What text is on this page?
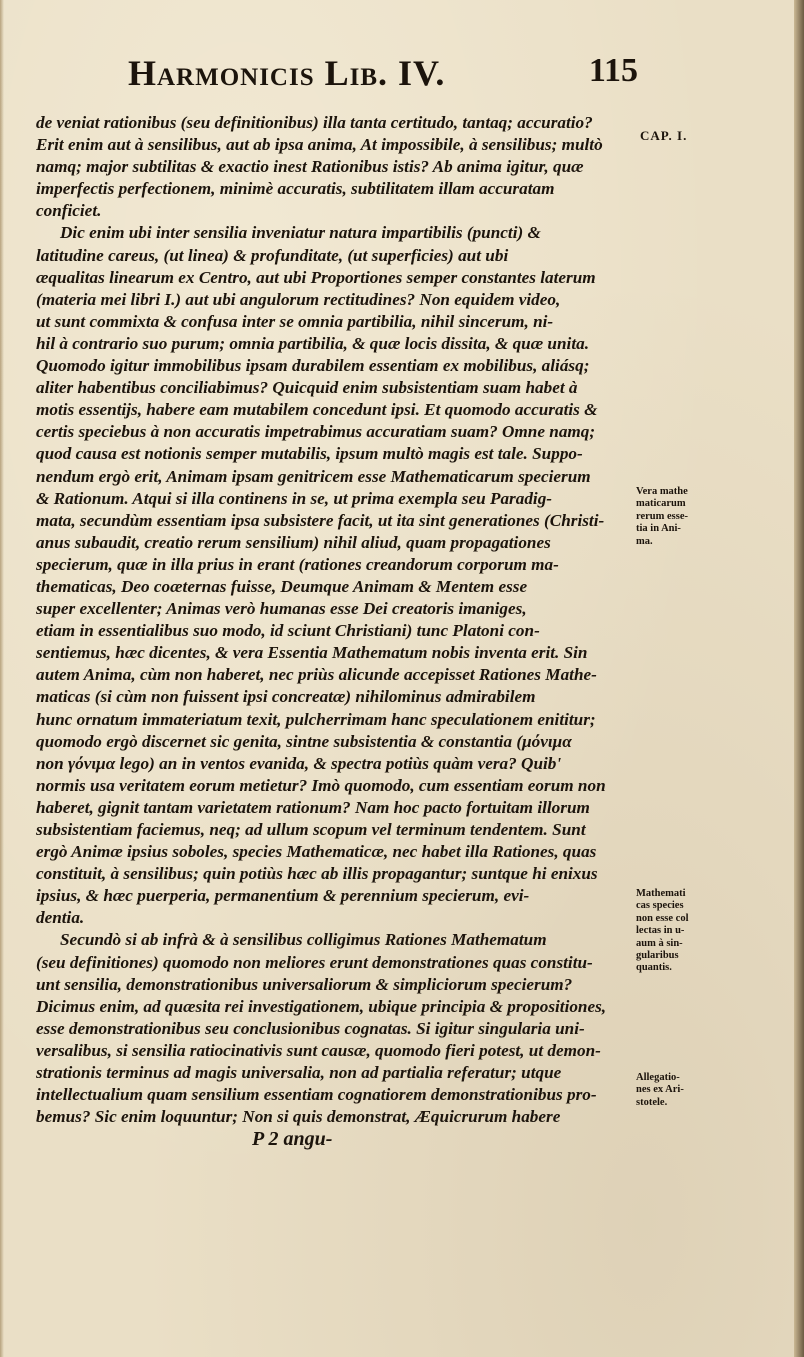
Harmonicis Lib. IV.	115
CAP. I.
de veniat rationibus (seu definitionibus) illa tanta certitudo, tantaq; accuratio?
Erit enim aut à sensilibus, aut ab ipsa anima, At impossibile, à sensilibus; multò
namq; major subtilitas & exactio inest Rationibus istis? Ab anima igitur, quæ
imperfectis perfectionem, minimè accuratis, subtilitatem illam accuratam
conficiet.
Dic enim ubi inter sensilia inveniatur natura impartibilis (puncti) &
latitudine careus, (ut linea) & profunditate, (ut superficies) aut ubi
æqualitas linearum ex Centro, aut ubi Proportiones semper constantes laterum
(materia mei libri I.) aut ubi angulorum rectitudines? Non equidem video,
ut sunt commixta & confusa inter se omnia partibilia, nihil sincerum, ni-
hil à contrario suo purum; omnia partibilia, & quæ locis dissita, & quæ unita.
Quomodo igitur immobilibus ipsam durabilem essentiam ex mobilibus, aliásq;
aliter habentibus conciliabimus? Quicquid enim subsistentiam suam habet à
motis essentijs, habere eam mutabilem concedunt ipsi. Et quomodo accuratis &
certis speciebus à non accuratis impetrabimus accuratiam suam? Omne namq;
quod causa est notionis semper mutabilis, ipsum multò magis est tale. Suppo-
nendum ergò erit, Animam ipsam genitricem esse Mathematicarum specierum
& Rationum. Atqui si illa continens in se, ut prima exempla seu Paradig-
mata, secundùm essentiam ipsa subsistere facit, ut ita sint generationes (Christi-
anus subaudit, creatio rerum sensilium) nihil aliud, quam propagationes
specierum, quæ in illa prius in erant (rationes creandorum corporum ma-
thematicas, Deo coæternas fuisse, Deumque Animam & Mentem esse
super excellenter; Animas verò humanas esse Dei creatoris imaniges,
etiam in essentialibus suo modo, id sciunt Christiani) tunc Platoni con-
sentiemus, hæc dicentes, & vera Essentia Mathematum nobis inventa erit. Sin
autem Anima, cùm non haberet, nec priùs alicunde accepisset Rationes Mathe-
maticas (si cùm non fuissent ipsi concreatæ) nihilominus admirabilem
hunc ornatum immateriatum texit, pulcherrimam hanc speculationem enititur;
quomodo ergò discernet sic genita, sintne subsistentia & constantia (μόνιμα
non γόνιμα lego) an in ventos evanida, & spectra potiùs quàm vera? Quib'
normis usa veritatem eorum metietur? Imò quomodo, cum essentiam eorum non
haberet, gignit tantam varietatem rationum? Nam hoc pacto fortuitam illorum
subsistentiam faciemus, neq; ad ullum scopum vel terminum tendentem. Sunt
ergò Animæ ipsius soboles, species Mathematicæ, nec habet illa Rationes, quas
constituit, à sensilibus; quin potiùs hæc ab illis propagantur; suntque hi enixus
ipsius, & hæc puerperia, permanentium & perennium specierum, evi-
dentia.
Secundò si ab infrà & à sensilibus colligimus Rationes Mathematum
(seu definitiones) quomodo non meliores erunt demonstrationes quas constitu-
unt sensilia, demonstrationibus universaliorum & simpliciorum specierum?
Dicimus enim, ad quæsita rei investigationem, ubique principia & propositiones,
esse demonstrationibus seu conclusionibus cognatas. Si igitur singularia uni-
versalibus, si sensilia ratiocinativis sunt causæ, quomodo fieri potest, ut demon-
strationis terminus ad magis universalia, non ad partialia referatur; utque
intellectualium quam sensilium essentiam cognatiorem demonstrationibus pro-
bemus? Sic enim loquuntur; Non si quis demonstrat, Æquicrurum habere
P 2 angu-
Vera mathe
maticarum
rerum esse-
tia in Ani-
ma.
Mathemati
cas species
non esse col
lectas in u-
aum à sin-
gularibus
quantis.
Allegatio-
nes ex Ari-
stotele.
